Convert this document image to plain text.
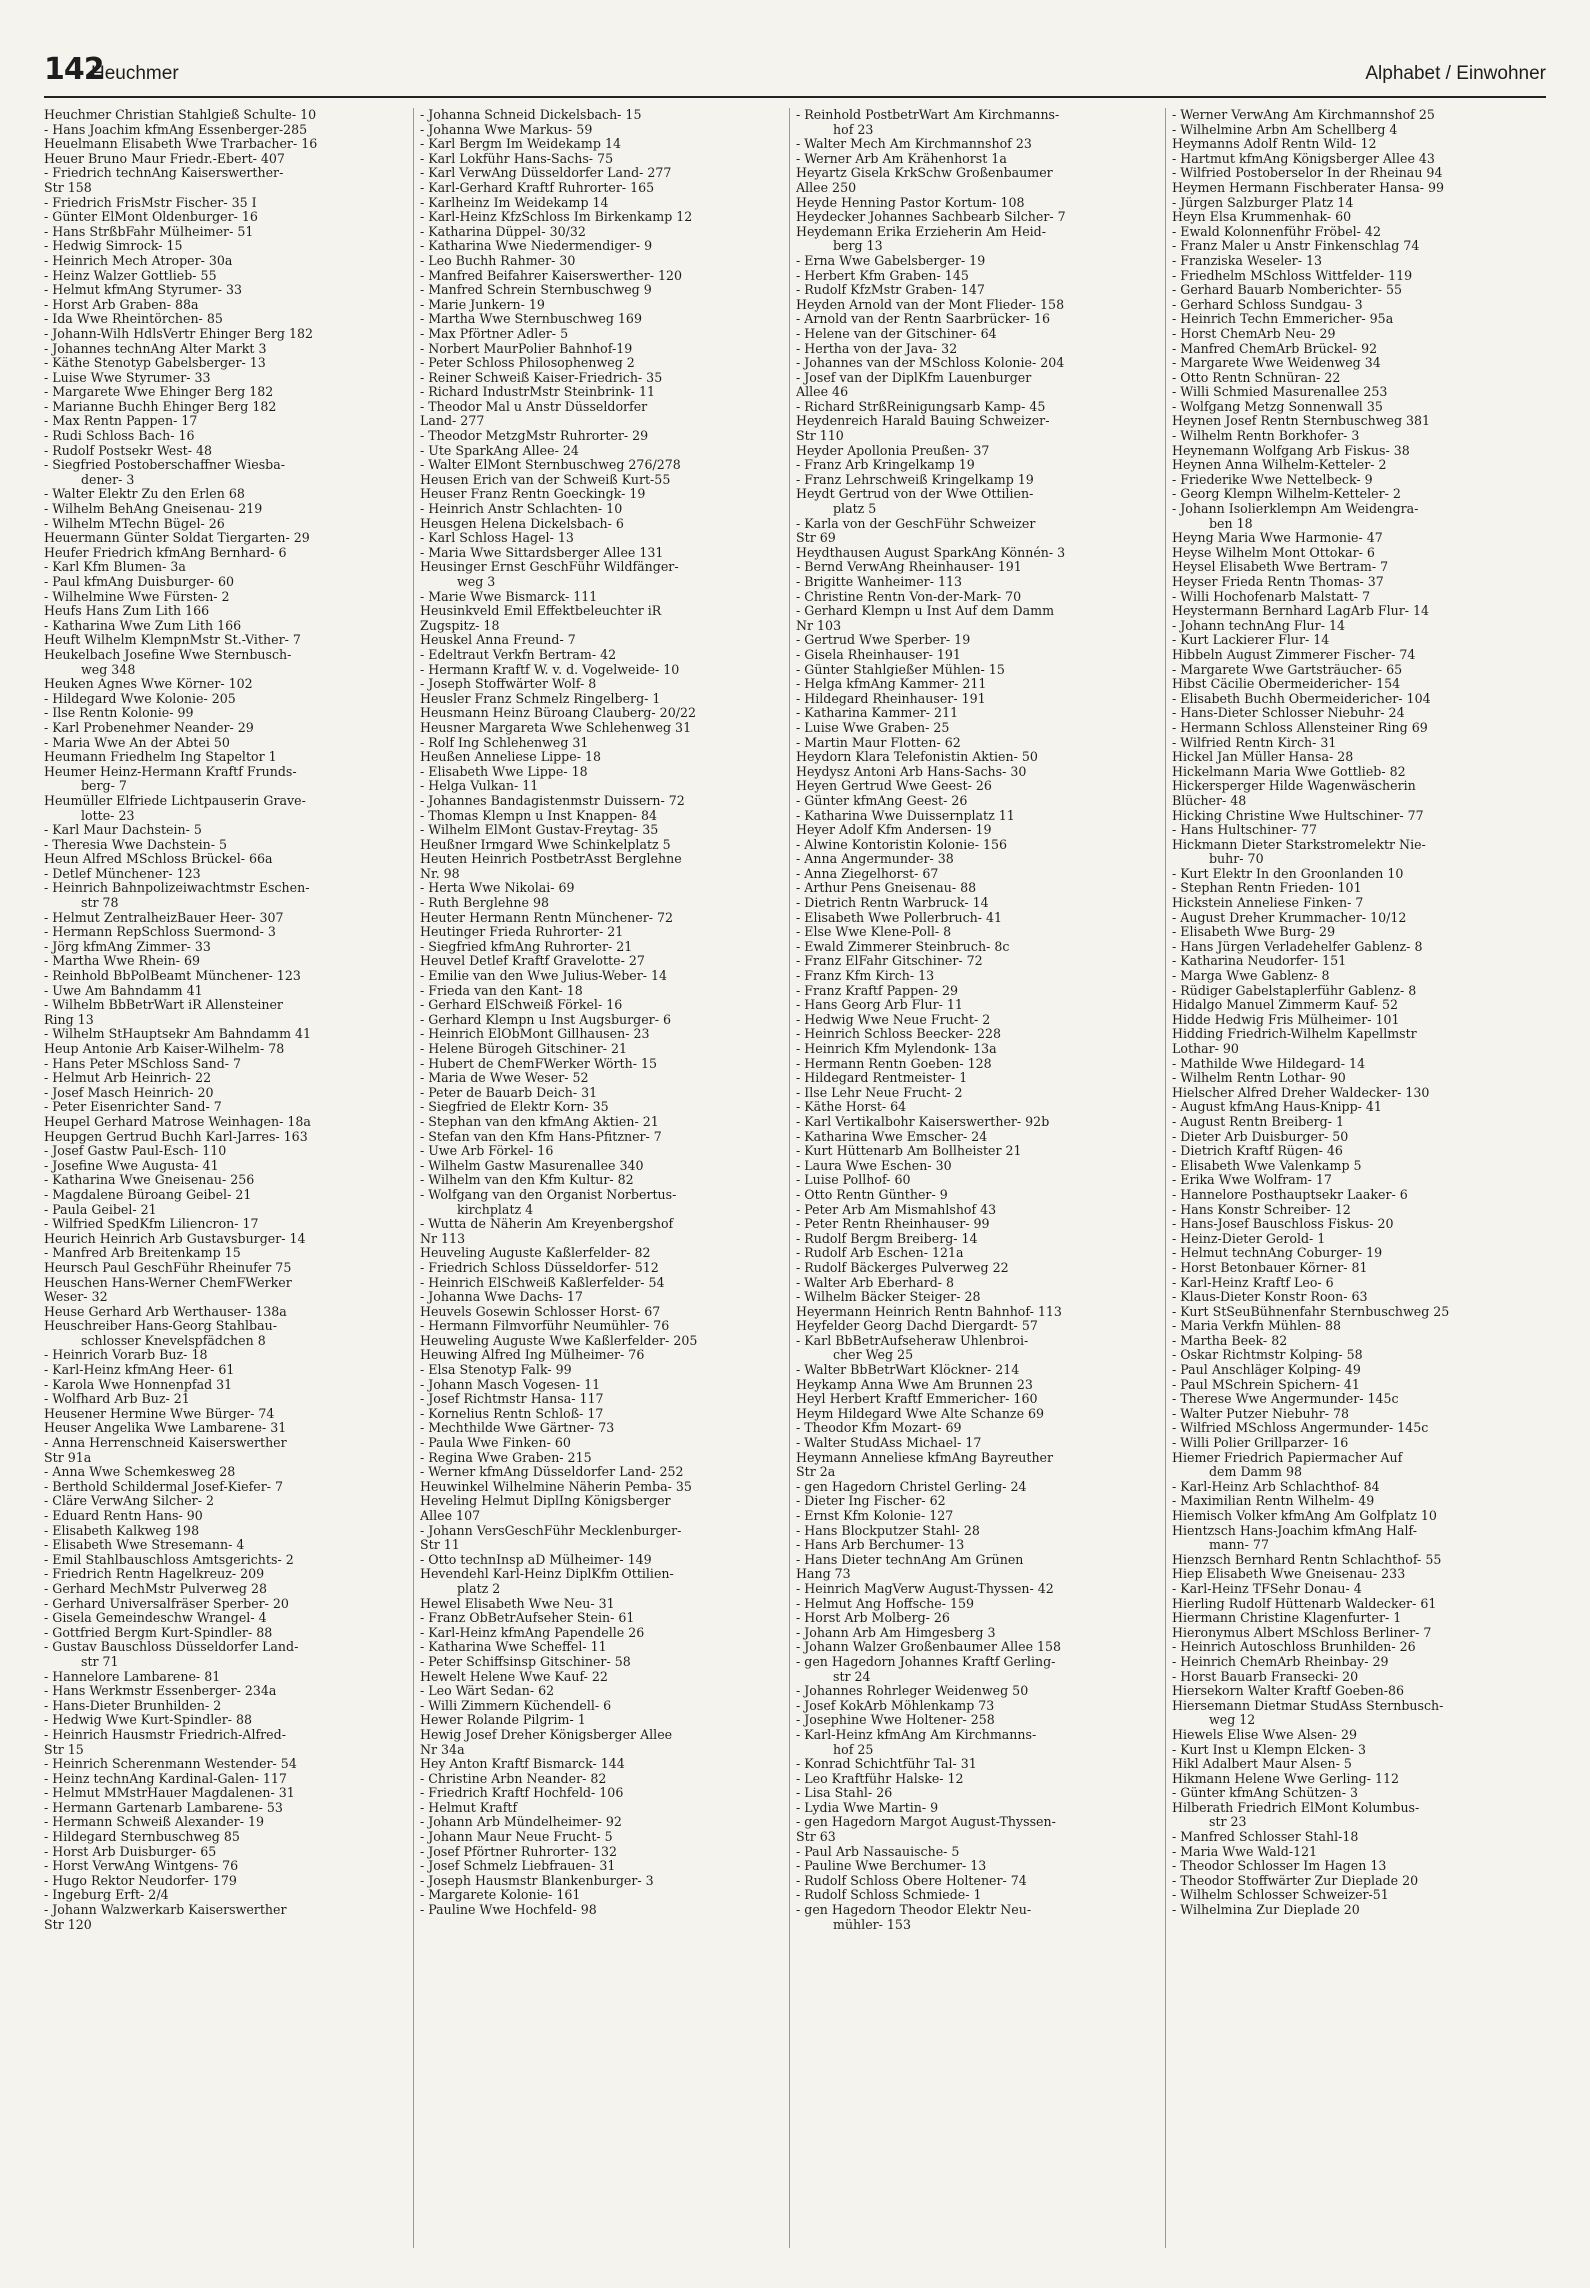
142
Heuchmer	Alphabet / Einwohner
Heuchmer Christian Stahlgieß Schulte- 10
- Hans Joachim kfmAng Essenberger-285
Heuelmann Elisabeth Wwe Trarbacher- 16
Heuer Bruno Maur Friedr.-Ebert- 407
- Friedrich technAng Kaiserswerther-
Str 158
- Friedrich FrisMstr Fischer- 35 I
- Günter ElMont Oldenburger- 16
- Hans StrßbFahr Mülheimer- 51
- Hedwig Simrock- 15
- Heinrich Mech Atroper- 30a
- Heinz Walzer Gottlieb- 55
- Helmut kfmAng Styrumer- 33
- Horst Arb Graben- 88a
- Ida Wwe Rheintörchen- 85
- Johann-Wilh HdlsVertr Ehinger Berg 182
- Johannes technAng Alter Markt 3
- Käthe Stenotyp Gabelsberger- 13
- Luise Wwe Styrumer- 33
- Margarete Wwe Ehinger Berg 182
- Marianne Buchh Ehinger Berg 182
- Max Rentn Pappen- 17
- Rudi Schloss Bach- 16
- Rudolf Postsekr West- 48
- Siegfried Postoberschaffner Wiesba-
dener- 3
- Walter Elektr Zu den Erlen 68
- Wilhelm BehAng Gneisenau- 219
- Wilhelm MTechn Bügel- 26
Heuermann Günter Soldat Tiergarten- 29
Heufer Friedrich kfmAng Bernhard- 6
- Karl Kfm Blumen- 3a
- Paul kfmAng Duisburger- 60
- Wilhelmine Wwe Fürsten- 2
Heufs Hans Zum Lith 166
- Katharina Wwe Zum Lith 166
Heuft Wilhelm KlempnMstr St.-Vither- 7
Heukelbach Josefine Wwe Sternbusch-
weg 348
Heuken Agnes Wwe Körner- 102
- Hildegard Wwe Kolonie- 205
- Ilse Rentn Kolonie- 99
- Karl Probenehmer Neander- 29
- Maria Wwe An der Abtei 50
Heumann Friedhelm Ing Stapeltor 1
Heumer Heinz-Hermann Kraftf Frunds-
berg- 7
Heumüller Elfriede Lichtpauserin Grave-
lotte- 23
- Karl Maur Dachstein- 5
- Theresia Wwe Dachstein- 5
Heun Alfred MSchloss Brückel- 66a
- Detlef Münchener- 123
- Heinrich Bahnpolizeiwachtmstr Eschen-
str 78
- Helmut ZentralheizBauer Heer- 307
- Hermann RepSchloss Suermond- 3
- Jörg kfmAng Zimmer- 33
- Martha Wwe Rhein- 69
- Reinhold BbPolBeamt Münchener- 123
- Uwe Am Bahndamm 41
- Wilhelm BbBetrWart iR Allensteiner
Ring 13
- Wilhelm StHauptsekr Am Bahndamm 41
Heup Antonie Arb Kaiser-Wilhelm- 78
- Hans Peter MSchloss Sand- 7
- Helmut Arb Heinrich- 22
- Josef Masch Heinrich- 20
- Peter Eisenrichter Sand- 7
Heupel Gerhard Matrose Weinhagen- 18a
Heupgen Gertrud Buchh Karl-Jarres- 163
- Josef Gastw Paul-Esch- 110
- Josefine Wwe Augusta- 41
- Katharina Wwe Gneisenau- 256
- Magdalene Büroang Geibel- 21
- Paula Geibel- 21
- Wilfried SpedKfm Liliencron- 17
Heurich Heinrich Arb Gustavsburger- 14
- Manfred Arb Breitenkamp 15
Heursch Paul GeschFühr Rheinufer 75
Heuschen Hans-Werner ChemFWerker
Weser- 32
Heuse Gerhard Arb Werthauser- 138a
Heuschreiber Hans-Georg Stahlbau-
schlosser Knevelspfädchen 8
- Heinrich Vorarb Buz- 18
- Karl-Heinz kfmAng Heer- 61
- Karola Wwe Honnenpfad 31
- Wolfhard Arb Buz- 21
Heusener Hermine Wwe Bürger- 74
Heuser Angelika Wwe Lambarene- 31
- Anna Herrenschneid Kaiserswerther
Str 91a
- Anna Wwe Schemkesweg 28
- Berthold Schildermal Josef-Kiefer- 7
- Cläre VerwAng Silcher- 2
- Eduard Rentn Hans- 90
- Elisabeth Kalkweg 198
- Elisabeth Wwe Stresemann- 4
- Emil Stahlbauschloss Amtsgerichts- 2
- Friedrich Rentn Hagelkreuz- 209
- Gerhard MechMstr Pulverweg 28
- Gerhard Universalfräser Sperber- 20
- Gisela Gemeindeschw Wrangel- 4
- Gottfried Bergm Kurt-Spindler- 88
- Gustav Bauschloss Düsseldorfer Land-
str 71
- Hannelore Lambarene- 81
- Hans Werkmstr Essenberger- 234a
- Hans-Dieter Brunhilden- 2
- Hedwig Wwe Kurt-Spindler- 88
- Heinrich Hausmstr Friedrich-Alfred-
Str 15
- Heinrich Scherenmann Westender- 54
- Heinz technAng Kardinal-Galen- 117
- Helmut MMstrHauer Magdalenen- 31
- Hermann Gartenarb Lambarene- 53
- Hermann Schweiß Alexander- 19
- Hildegard Sternbuschweg 85
- Horst Arb Duisburger- 65
- Horst VerwAng Wintgens- 76
- Hugo Rektor Neudorfer- 179
- Ingeburg Erft- 2/4
- Johann Walzwerkarb Kaiserswerther
Str 120
- Johanna Schneid Dickelsbach- 15
- Johanna Wwe Markus- 59
- Karl Bergm Im Weidekamp 14
- Karl Lokführ Hans-Sachs- 75
- Karl VerwAng Düsseldorfer Land- 277
- Karl-Gerhard Kraftf Ruhrorter- 165
- Karlheinz Im Weidekamp 14
- Karl-Heinz KfzSchloss Im Birkenkamp 12
- Katharina Düppel- 30/32
- Katharina Wwe Niedermendiger- 9
- Leo Buchh Rahmer- 30
- Manfred Beifahrer Kaiserswerther- 120
- Manfred Schrein Sternbuschweg 9
- Marie Junkern- 19
- Martha Wwe Sternbuschweg 169
- Max Pförtner Adler- 5
- Norbert MaurPolier Bahnhof-19
- Peter Schloss Philosophenweg 2
- Reiner Schweiß Kaiser-Friedrich- 35
- Richard IndustrMstr Steinbrink- 11
- Theodor Mal u Anstr Düsseldorfer
Land- 277
- Theodor MetzgMstr Ruhrorter- 29
- Ute SparkAng Allee- 24
- Walter ElMont Sternbuschweg 276/278
Heusen Erich van der Schweiß Kurt-55
Heuser Franz Rentn Goeckingk- 19
- Heinrich Anstr Schlachten- 10
Heusgen Helena Dickelsbach- 6
- Karl Schloss Hagel- 13
- Maria Wwe Sittardsberger Allee 131
Heusinger Ernst GeschFühr Wildfänger-
weg 3
- Marie Wwe Bismarck- 111
Heusinkveld Emil Effektbeleuchter iR
Zugspitz- 18
Heuskel Anna Freund- 7
- Edeltraut Verkfn Bertram- 42
- Hermann Kraftf W. v. d. Vogelweide- 10
- Joseph Stoffwärter Wolf- 8
Heusler Franz Schmelz Ringelberg- 1
Heusmann Heinz Büroang Clauberg- 20/22
Heusner Margareta Wwe Schlehenweg 31
- Rolf Ing Schlehenweg 31
Heußen Anneliese Lippe- 18
- Elisabeth Wwe Lippe- 18
- Helga Vulkan- 11
- Johannes Bandagistenmstr Duissern- 72
- Thomas Klempn u Inst Knappen- 84
- Wilhelm ElMont Gustav-Freytag- 35
Heußner Irmgard Wwe Schinkelplatz 5
Heuten Heinrich PostbetrAsst Berglehne
Nr. 98
- Herta Wwe Nikolai- 69
- Ruth Berglehne 98
Heuter Hermann Rentn Münchener- 72
Heutinger Frieda Ruhrorter- 21
- Siegfried kfmAng Ruhrorter- 21
Heuvel Detlef Kraftf Gravelotte- 27
- Emilie van den Wwe Julius-Weber- 14
- Frieda van den Kant- 18
- Gerhard ElSchweiß Förkel- 16
- Gerhard Klempn u Inst Augsburger- 6
- Heinrich ElObMont Gillhausen- 23
- Helene Bürogeh Gitschiner- 21
- Hubert de ChemFWerker Wörth- 15
- Maria de Wwe Weser- 52
- Peter de Bauarb Deich- 31
- Siegfried de Elektr Korn- 35
- Stephan van den kfmAng Aktien- 21
- Stefan van den Kfm Hans-Pfitzner- 7
- Uwe Arb Förkel- 16
- Wilhelm Gastw Masurenallee 340
- Wilhelm van den Kfm Kultur- 82
- Wolfgang van den Organist Norbertus-
kirchplatz 4
- Wutta de Näherin Am Kreyenbergshof
Nr 113
Heuveling Auguste Kaßlerfelder- 82
- Friedrich Schloss Düsseldorfer- 512
- Heinrich ElSchweiß Kaßlerfelder- 54
- Johanna Wwe Dachs- 17
Heuvels Gosewin Schlosser Horst- 67
- Hermann Filmvorführ Neumühler- 76
Heuweling Auguste Wwe Kaßlerfelder- 205
Heuwing Alfred Ing Mülheimer- 76
- Elsa Stenotyp Falk- 99
- Johann Masch Vogesen- 11
- Josef Richtmstr Hansa- 117
- Kornelius Rentn Schloß- 17
- Mechthilde Wwe Gärtner- 73
- Paula Wwe Finken- 60
- Regina Wwe Graben- 215
- Werner kfmAng Düsseldorfer Land- 252
Heuwinkel Wilhelmine Näherin Pemba- 35
Heveling Helmut DiplIng Königsberger
Allee 107
- Johann VersGeschFühr Mecklenburger-
Str 11
- Otto technInsp aD Mülheimer- 149
Hevendehl Karl-Heinz DiplKfm Ottilien-
platz 2
Hewel Elisabeth Wwe Neu- 31
- Franz ObBetrAufseher Stein- 61
- Karl-Heinz kfmAng Papendelle 26
- Katharina Wwe Scheffel- 11
- Peter Schiffsinsp Gitschiner- 58
Hewelt Helene Wwe Kauf- 22
- Leo Wärt Sedan- 62
- Willi Zimmern Küchendell- 6
Hewer Rolande Pilgrim- 1
Hewig Josef Dreher Königsberger Allee
Nr 34a
Hey Anton Kraftf Bismarck- 144
- Christine Arbn Neander- 82
- Friedrich Kraftf Hochfeld- 106
- Helmut Kraftf
- Johann Arb Mündelheimer- 92
- Johann Maur Neue Frucht- 5
- Josef Pförtner Ruhrorter- 132
- Josef Schmelz Liebfrauen- 31
- Joseph Hausmstr Blankenburger- 3
- Margarete Kolonie- 161
- Pauline Wwe Hochfeld- 98
- Reinhold PostbetrWart Am Kirchmanns-
hof 23
- Walter Mech Am Kirchmannshof 23
- Werner Arb Am Krähenhorst 1a
Heyartz Gisela KrkSchw Großenbaumer
Allee 250
Heyde Henning Pastor Kortum- 108
Heydecker Johannes Sachbearb Silcher- 7
Heydemann Erika Erzieherin Am Heid-
berg 13
- Erna Wwe Gabelsberger- 19
- Herbert Kfm Graben- 145
- Rudolf KfzMstr Graben- 147
Heyden Arnold van der Mont Flieder- 158
- Arnold van der Rentn Saarbrücker- 16
- Helene van der Gitschiner- 64
- Hertha von der Java- 32
- Johannes van der MSchloss Kolonie- 204
- Josef van der DiplKfm Lauenburger
Allee 46
- Richard StrßReinigungsarb Kamp- 45
Heydenreich Harald Bauing Schweizer-
Str 110
Heyder Apollonia Preußen- 37
- Franz Arb Kringelkamp 19
- Franz Lehrschweiß Kringelkamp 19
Heydt Gertrud von der Wwe Ottilien-
platz 5
- Karla von der GeschFühr Schweizer
Str 69
Heydthausen August SparkAng Könnén- 3
- Bernd VerwAng Rheinhauser- 191
- Brigitte Wanheimer- 113
- Christine Rentn Von-der-Mark- 70
- Gerhard Klempn u Inst Auf dem Damm
Nr 103
- Gertrud Wwe Sperber- 19
- Gisela Rheinhauser- 191
- Günter Stahlgießer Mühlen- 15
- Helga kfmAng Kammer- 211
- Hildegard Rheinhauser- 191
- Katharina Kammer- 211
- Luise Wwe Graben- 25
- Martin Maur Flotten- 62
Heydorn Klara Telefonistin Aktien- 50
Heydysz Antoni Arb Hans-Sachs- 30
Heyen Gertrud Wwe Geest- 26
- Günter kfmAng Geest- 26
- Katharina Wwe Duissernplatz 11
Heyer Adolf Kfm Andersen- 19
- Alwine Kontoristin Kolonie- 156
- Anna Angermunder- 38
- Anna Ziegelhorst- 67
- Arthur Pens Gneisenau- 88
- Dietrich Rentn Warbruck- 14
- Elisabeth Wwe Pollerbruch- 41
- Else Wwe Klene-Poll- 8
- Ewald Zimmerer Steinbruch- 8c
- Franz ElFahr Gitschiner- 72
- Franz Kfm Kirch- 13
- Franz Kraftf Pappen- 29
- Hans Georg Arb Flur- 11
- Hedwig Wwe Neue Frucht- 2
- Heinrich Schloss Beecker- 228
- Heinrich Kfm Mylendonk- 13a
- Hermann Rentn Goeben- 128
- Hildegard Rentmeister- 1
- Ilse Lehr Neue Frucht- 2
- Käthe Horst- 64
- Karl Vertikalbohr Kaiserswerther- 92b
- Katharina Wwe Emscher- 24
- Kurt Hüttenarb Am Bollheister 21
- Laura Wwe Eschen- 30
- Luise Pollhof- 60
- Otto Rentn Günther- 9
- Peter Arb Am Mismahlshof 43
- Peter Rentn Rheinhauser- 99
- Rudolf Bergm Breiberg- 14
- Rudolf Arb Eschen- 121a
- Rudolf Bäckerges Pulverweg 22
- Walter Arb Eberhard- 8
- Wilhelm Bäcker Steiger- 28
Heyermann Heinrich Rentn Bahnhof- 113
Heyfelder Georg Dachd Diergardt- 57
- Karl BbBetrAufseheraw Uhlenbroi-
cher Weg 25
- Walter BbBetrWart Klöckner- 214
Heykamp Anna Wwe Am Brunnen 23
Heyl Herbert Kraftf Emmericher- 160
Heym Hildegard Wwe Alte Schanze 69
- Theodor Kfm Mozart- 69
- Walter StudAss Michael- 17
Heymann Anneliese kfmAng Bayreuther
Str 2a
- gen Hagedorn Christel Gerling- 24
- Dieter Ing Fischer- 62
- Ernst Kfm Kolonie- 127
- Hans Blockputzer Stahl- 28
- Hans Arb Berchumer- 13
- Hans Dieter technAng Am Grünen
Hang 73
- Heinrich MagVerw August-Thyssen- 42
- Helmut Ang Hoffsche- 159
- Horst Arb Molberg- 26
- Johann Arb Am Himgesberg 3
- Johann Walzer Großenbaumer Allee 158
- gen Hagedorn Johannes Kraftf Gerling-
str 24
- Johannes Rohrleger Weidenweg 50
- Josef KokArb Möhlenkamp 73
- Josephine Wwe Holtener- 258
- Karl-Heinz kfmAng Am Kirchmanns-
hof 25
- Konrad Schichtführ Tal- 31
- Leo Kraftführ Halske- 12
- Lisa Stahl- 26
- Lydia Wwe Martin- 9
- gen Hagedorn Margot August-Thyssen-
Str 63
- Paul Arb Nassauische- 5
- Pauline Wwe Berchumer- 13
- Rudolf Schloss Obere Holtener- 74
- Rudolf Schloss Schmiede- 1
- gen Hagedorn Theodor Elektr Neu-
mühler- 153
- Werner VerwAng Am Kirchmannshof 25
- Wilhelmine Arbn Am Schellberg 4
Heymanns Adolf Rentn Wild- 12
- Hartmut kfmAng Königsberger Allee 43
- Wilfried Postoberselor In der Rheinau 94
Heymen Hermann Fischberater Hansa- 99
- Jürgen Salzburger Platz 14
Heyn Elsa Krummenhak- 60
- Ewald Kolonnenführ Fröbel- 42
- Franz Maler u Anstr Finkenschlag 74
- Franziska Weseler- 13
- Friedhelm MSchloss Wittfelder- 119
- Gerhard Bauarb Nomberichter- 55
- Gerhard Schloss Sundgau- 3
- Heinrich Techn Emmericher- 95a
- Horst ChemArb Neu- 29
- Manfred ChemArb Brückel- 92
- Margarete Wwe Weidenweg 34
- Otto Rentn Schnüran- 22
- Willi Schmied Masurenallee 253
- Wolfgang Metzg Sonnenwall 35
Heynen Josef Rentn Sternbuschweg 381
- Wilhelm Rentn Borkhofer- 3
Heynemann Wolfgang Arb Fiskus- 38
Heynen Anna Wilhelm-Ketteler- 2
- Friederike Wwe Nettelbeck- 9
- Georg Klempn Wilhelm-Ketteler- 2
- Johann Isolierklempn Am Weidengra-
ben 18
Heyng Maria Wwe Harmonie- 47
Heyse Wilhelm Mont Ottokar- 6
Heysel Elisabeth Wwe Bertram- 7
Heyser Frieda Rentn Thomas- 37
- Willi Hochofenarb Malstatt- 7
Heystermann Bernhard LagArb Flur- 14
- Johann technAng Flur- 14
- Kurt Lackierer Flur- 14
Hibbeln August Zimmerer Fischer- 74
- Margarete Wwe Gartsträucher- 65
Hibst Cäcilie Obermeidericher- 154
- Elisabeth Buchh Obermeidericher- 104
- Hans-Dieter Schlosser Niebuhr- 24
- Hermann Schloss Allensteiner Ring 69
- Wilfried Rentn Kirch- 31
Hickel Jan Müller Hansa- 28
Hickelmann Maria Wwe Gottlieb- 82
Hickersperger Hilde Wagenwäscherin
Blücher- 48
Hicking Christine Wwe Hultschiner- 77
- Hans Hultschiner- 77
Hickmann Dieter Starkstromelektr Nie-
buhr- 70
- Kurt Elektr In den Groonlanden 10
- Stephan Rentn Frieden- 101
Hickstein Anneliese Finken- 7
- August Dreher Krummacher- 10/12
- Elisabeth Wwe Burg- 29
- Hans Jürgen Verladehelfer Gablenz- 8
- Katharina Neudorfer- 151
- Marga Wwe Gablenz- 8
- Rüdiger Gabelstaplerführ Gablenz- 8
Hidalgo Manuel Zimmerm Kauf- 52
Hidde Hedwig Fris Mülheimer- 101
Hidding Friedrich-Wilhelm Kapellmstr
Lothar- 90
- Mathilde Wwe Hildegard- 14
- Wilhelm Rentn Lothar- 90
Hielscher Alfred Dreher Waldecker- 130
- August kfmAng Haus-Knipp- 41
- August Rentn Breiberg- 1
- Dieter Arb Duisburger- 50
- Dietrich Kraftf Rügen- 46
- Elisabeth Wwe Valenkamp 5
- Erika Wwe Wolfram- 17
- Hannelore Posthauptsekr Laaker- 6
- Hans Konstr Schreiber- 12
- Hans-Josef Bauschloss Fiskus- 20
- Heinz-Dieter Gerold- 1
- Helmut technAng Coburger- 19
- Horst Betonbauer Körner- 81
- Karl-Heinz Kraftf Leo- 6
- Klaus-Dieter Konstr Roon- 63
- Kurt StSeuBühnenfahr Sternbuschweg 25
- Maria Verkfn Mühlen- 88
- Martha Beek- 82
- Oskar Richtmstr Kolping- 58
- Paul Anschläger Kolping- 49
- Paul MSchrein Spichern- 41
- Therese Wwe Angermunder- 145c
- Walter Putzer Niebuhr- 78
- Wilfried MSchloss Angermunder- 145c
- Willi Polier Grillparzer- 16
Hiemer Friedrich Papiermacher Auf
dem Damm 98
- Karl-Heinz Arb Schlachthof- 84
- Maximilian Rentn Wilhelm- 49
Hiemisch Volker kfmAng Am Golfplatz 10
Hientzsch Hans-Joachim kfmAng Half-
mann- 77
Hienzsch Bernhard Rentn Schlachthof- 55
Hiep Elisabeth Wwe Gneisenau- 233
- Karl-Heinz TFSehr Donau- 4
Hierling Rudolf Hüttenarb Waldecker- 61
Hiermann Christine Klagenfurter- 1
Hieronymus Albert MSchloss Berliner- 7
- Heinrich Autoschloss Brunhilden- 26
- Heinrich ChemArb Rheinbay- 29
- Horst Bauarb Fransecki- 20
Hiersekorn Walter Kraftf Goeben-86
Hiersemann Dietmar StudAss Sternbusch-
weg 12
Hiewels Elise Wwe Alsen- 29
- Kurt Inst u Klempn Elcken- 3
Hikl Adalbert Maur Alsen- 5
Hikmann Helene Wwe Gerling- 112
- Günter kfmAng Schützen- 3
Hilberath Friedrich ElMont Kolumbus-
str 23
- Manfred Schlosser Stahl-18
- Maria Wwe Wald-121
- Theodor Schlosser Im Hagen 13
- Theodor Stoffwärter Zur Dieplade 20
- Wilhelm Schlosser Schweizer-51
- Wilhelmina Zur Dieplade 20
